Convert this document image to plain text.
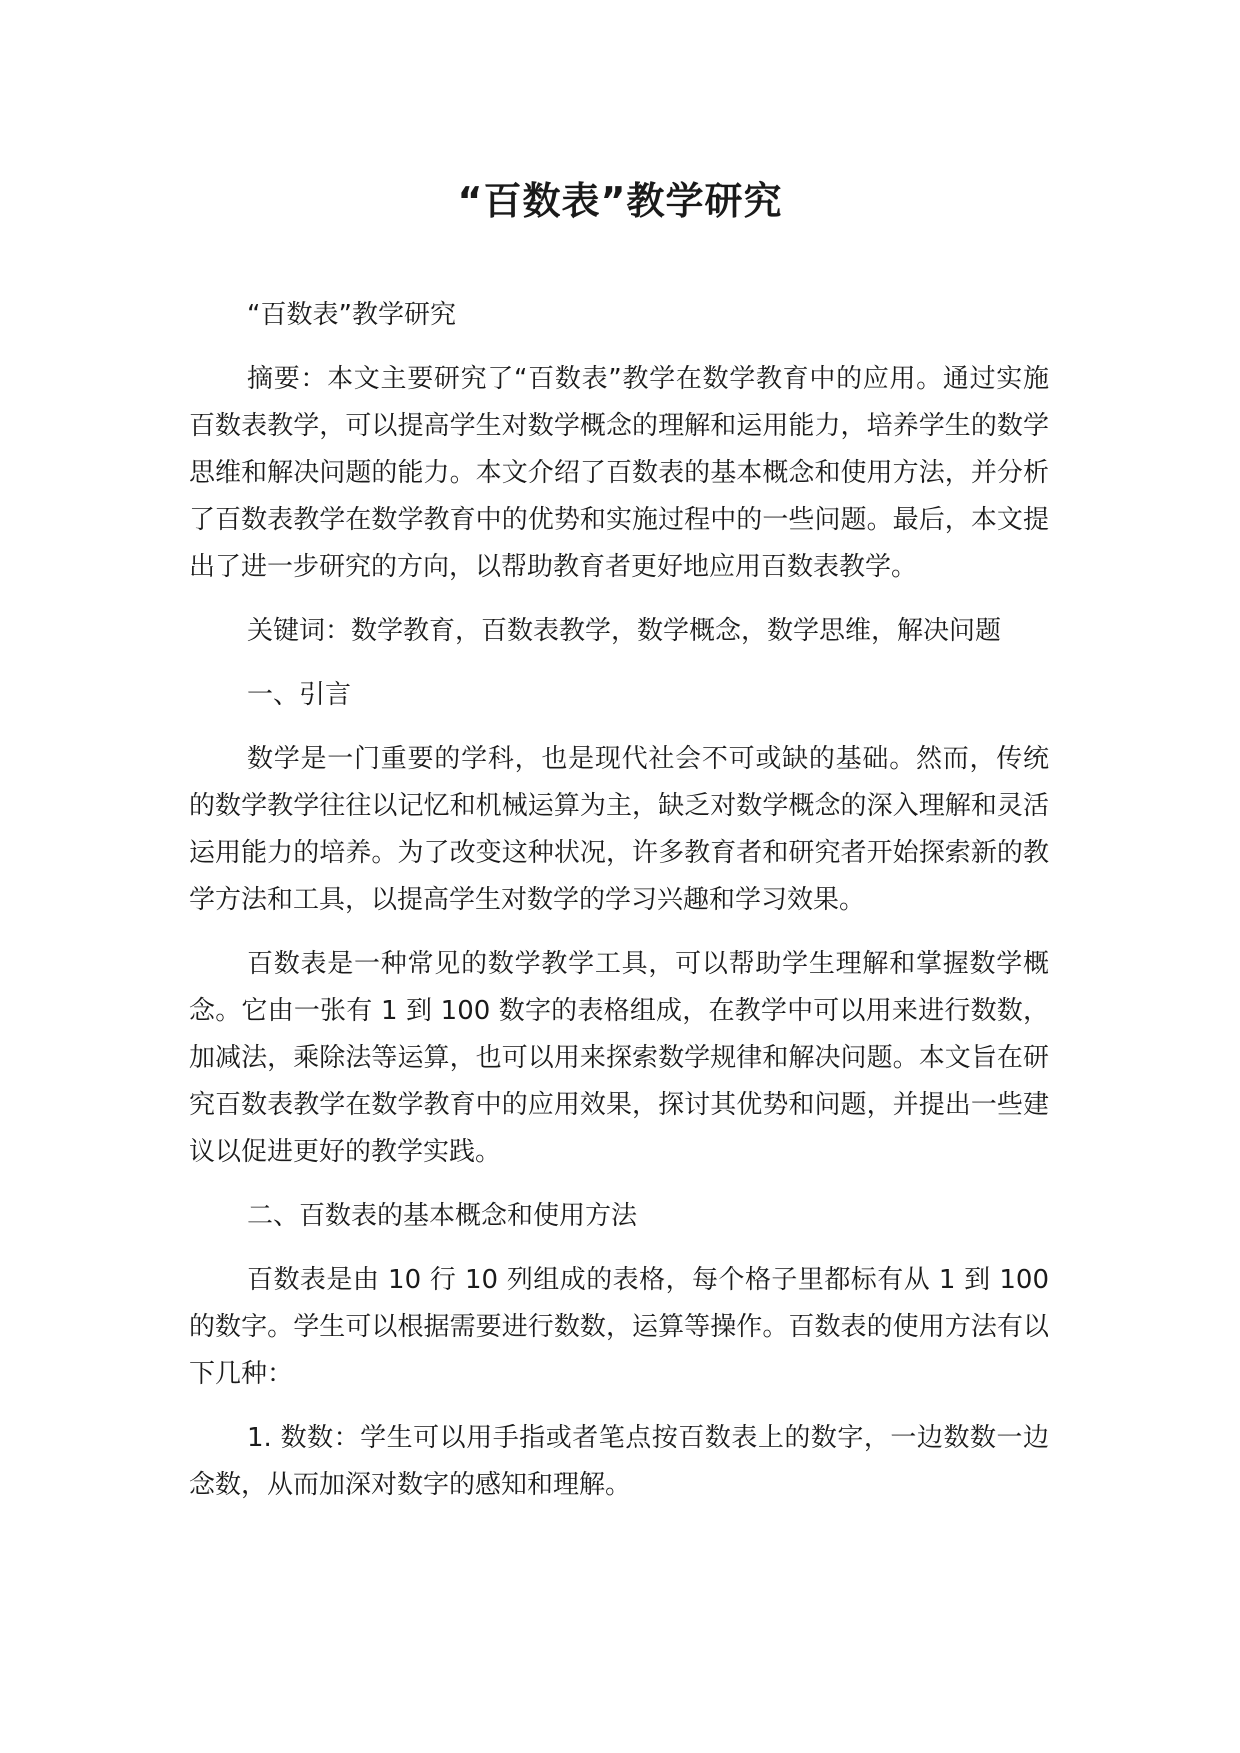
“百数表”教学研究

“百数表”教学研究

摘要：本文主要研究了“百数表”教学在数学教育中的应用。通过实施百数表教学，可以提高学生对数学概念的理解和运用能力，培养学生的数学思维和解决问题的能力。本文介绍了百数表的基本概念和使用方法，并分析了百数表教学在数学教育中的优势和实施过程中的一些问题。最后，本文提出了进一步研究的方向，以帮助教育者更好地应用百数表教学。

关键词：数学教育，百数表教学，数学概念，数学思维，解决问题

一、引言

数学是一门重要的学科，也是现代社会不可或缺的基础。然而，传统的数学教学往往以记忆和机械运算为主，缺乏对数学概念的深入理解和灵活运用能力的培养。为了改变这种状况，许多教育者和研究者开始探索新的教学方法和工具，以提高学生对数学的学习兴趣和学习效果。

百数表是一种常见的数学教学工具，可以帮助学生理解和掌握数学概念。它由一张有 1 到 100 数字的表格组成，在教学中可以用来进行数数，加减法，乘除法等运算，也可以用来探索数学规律和解决问题。本文旨在研究百数表教学在数学教育中的应用效果，探讨其优势和问题，并提出一些建议以促进更好的教学实践。

二、百数表的基本概念和使用方法

百数表是由 10 行 10 列组成的表格，每个格子里都标有从 1 到 100 的数字。学生可以根据需要进行数数，运算等操作。百数表的使用方法有以下几种：

1. 数数：学生可以用手指或者笔点按百数表上的数字，一边数数一边念数，从而加深对数字的感知和理解。
